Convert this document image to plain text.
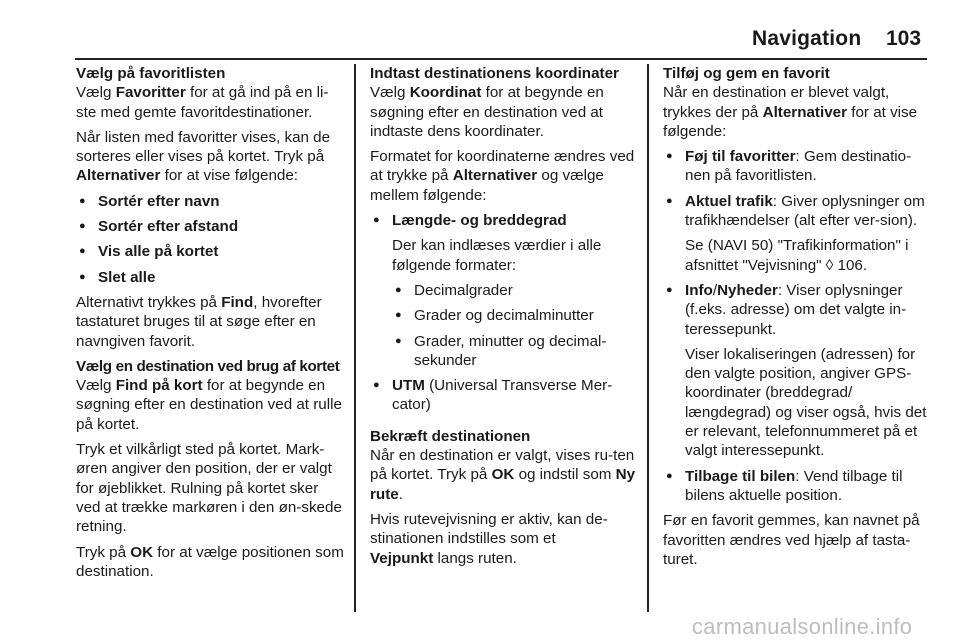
Navigation 103
Vælg på favoritlisten

Vælg Favoritter for at gå ind på en li-ste med gemte favoritdestinationer.

Når listen med favoritter vises, kan de sorteres eller vises på kortet. Tryk på Alternativer for at vise følgende:

● Sortér efter navn
● Sortér efter afstand
● Vis alle på kortet
● Slet alle

Alternativt trykkes på Find, hvorefter tastaturet bruges til at søge efter en navngiven favorit.

Vælg en destination ved brug af kortet

Vælg Find på kort for at begynde en søgning efter en destination ved at rulle på kortet.

Tryk et vilkårligt sted på kortet. Mark-øren angiver den position, der er valgt for øjeblikket. Rulning på kortet sker ved at trække markøren i den øn-skede retning.

Tryk på OK for at vælge positionen som destination.

Indtast destinationens koordinater

Vælg Koordinat for at begynde en søgning efter en destination ved at indtaste dens koordinater.

Formatet for koordinaterne ændres ved at trykke på Alternativer og vælge mellem følgende:

● Længde- og breddegrad
Der kan indlæses værdier i alle følgende formater:
● Decimalgrader
● Grader og decimalminutter
● Grader, minutter og decimal-sekunder
● UTM (Universal Transverse Mer-cator)
Bekræft destinationen

Når en destination er valgt, vises ru-ten på kortet. Tryk på OK og indstil som Ny rute.

Hvis rutevejvisning er aktiv, kan de-stinationen indstilles som et
Vejpunkt langs ruten.

Tilføj og gem en favorit

Når en destination er blevet valgt, trykkes der på Alternativer for at vise følgende:

● Føj til favoritter: Gem destinatio-nen på favoritlisten.
● Aktuel trafik: Giver oplysninger om trafikhændelser (alt efter ver-sion).
Se (NAVI 50) "Trafikinformation" i afsnittet "Vejvisning" ◊ 106.
● Info/Nyheder: Viser oplysninger (f.eks. adresse) om det valgte in-teressepunkt.
Viser lokaliseringen (adressen) for den valgte position, angiver GPS-koordinater (breddegrad/ længdegrad) og viser også, hvis det er relevant, telefonnummeret på et valgt interessepunkt.
● Tilbage til bilen: Vend tilbage til bilens aktuelle position.

Før en favorit gemmes, kan navnet på favoritten ændres ved hjælp af tasta-turet.

carmanualsonline.info
